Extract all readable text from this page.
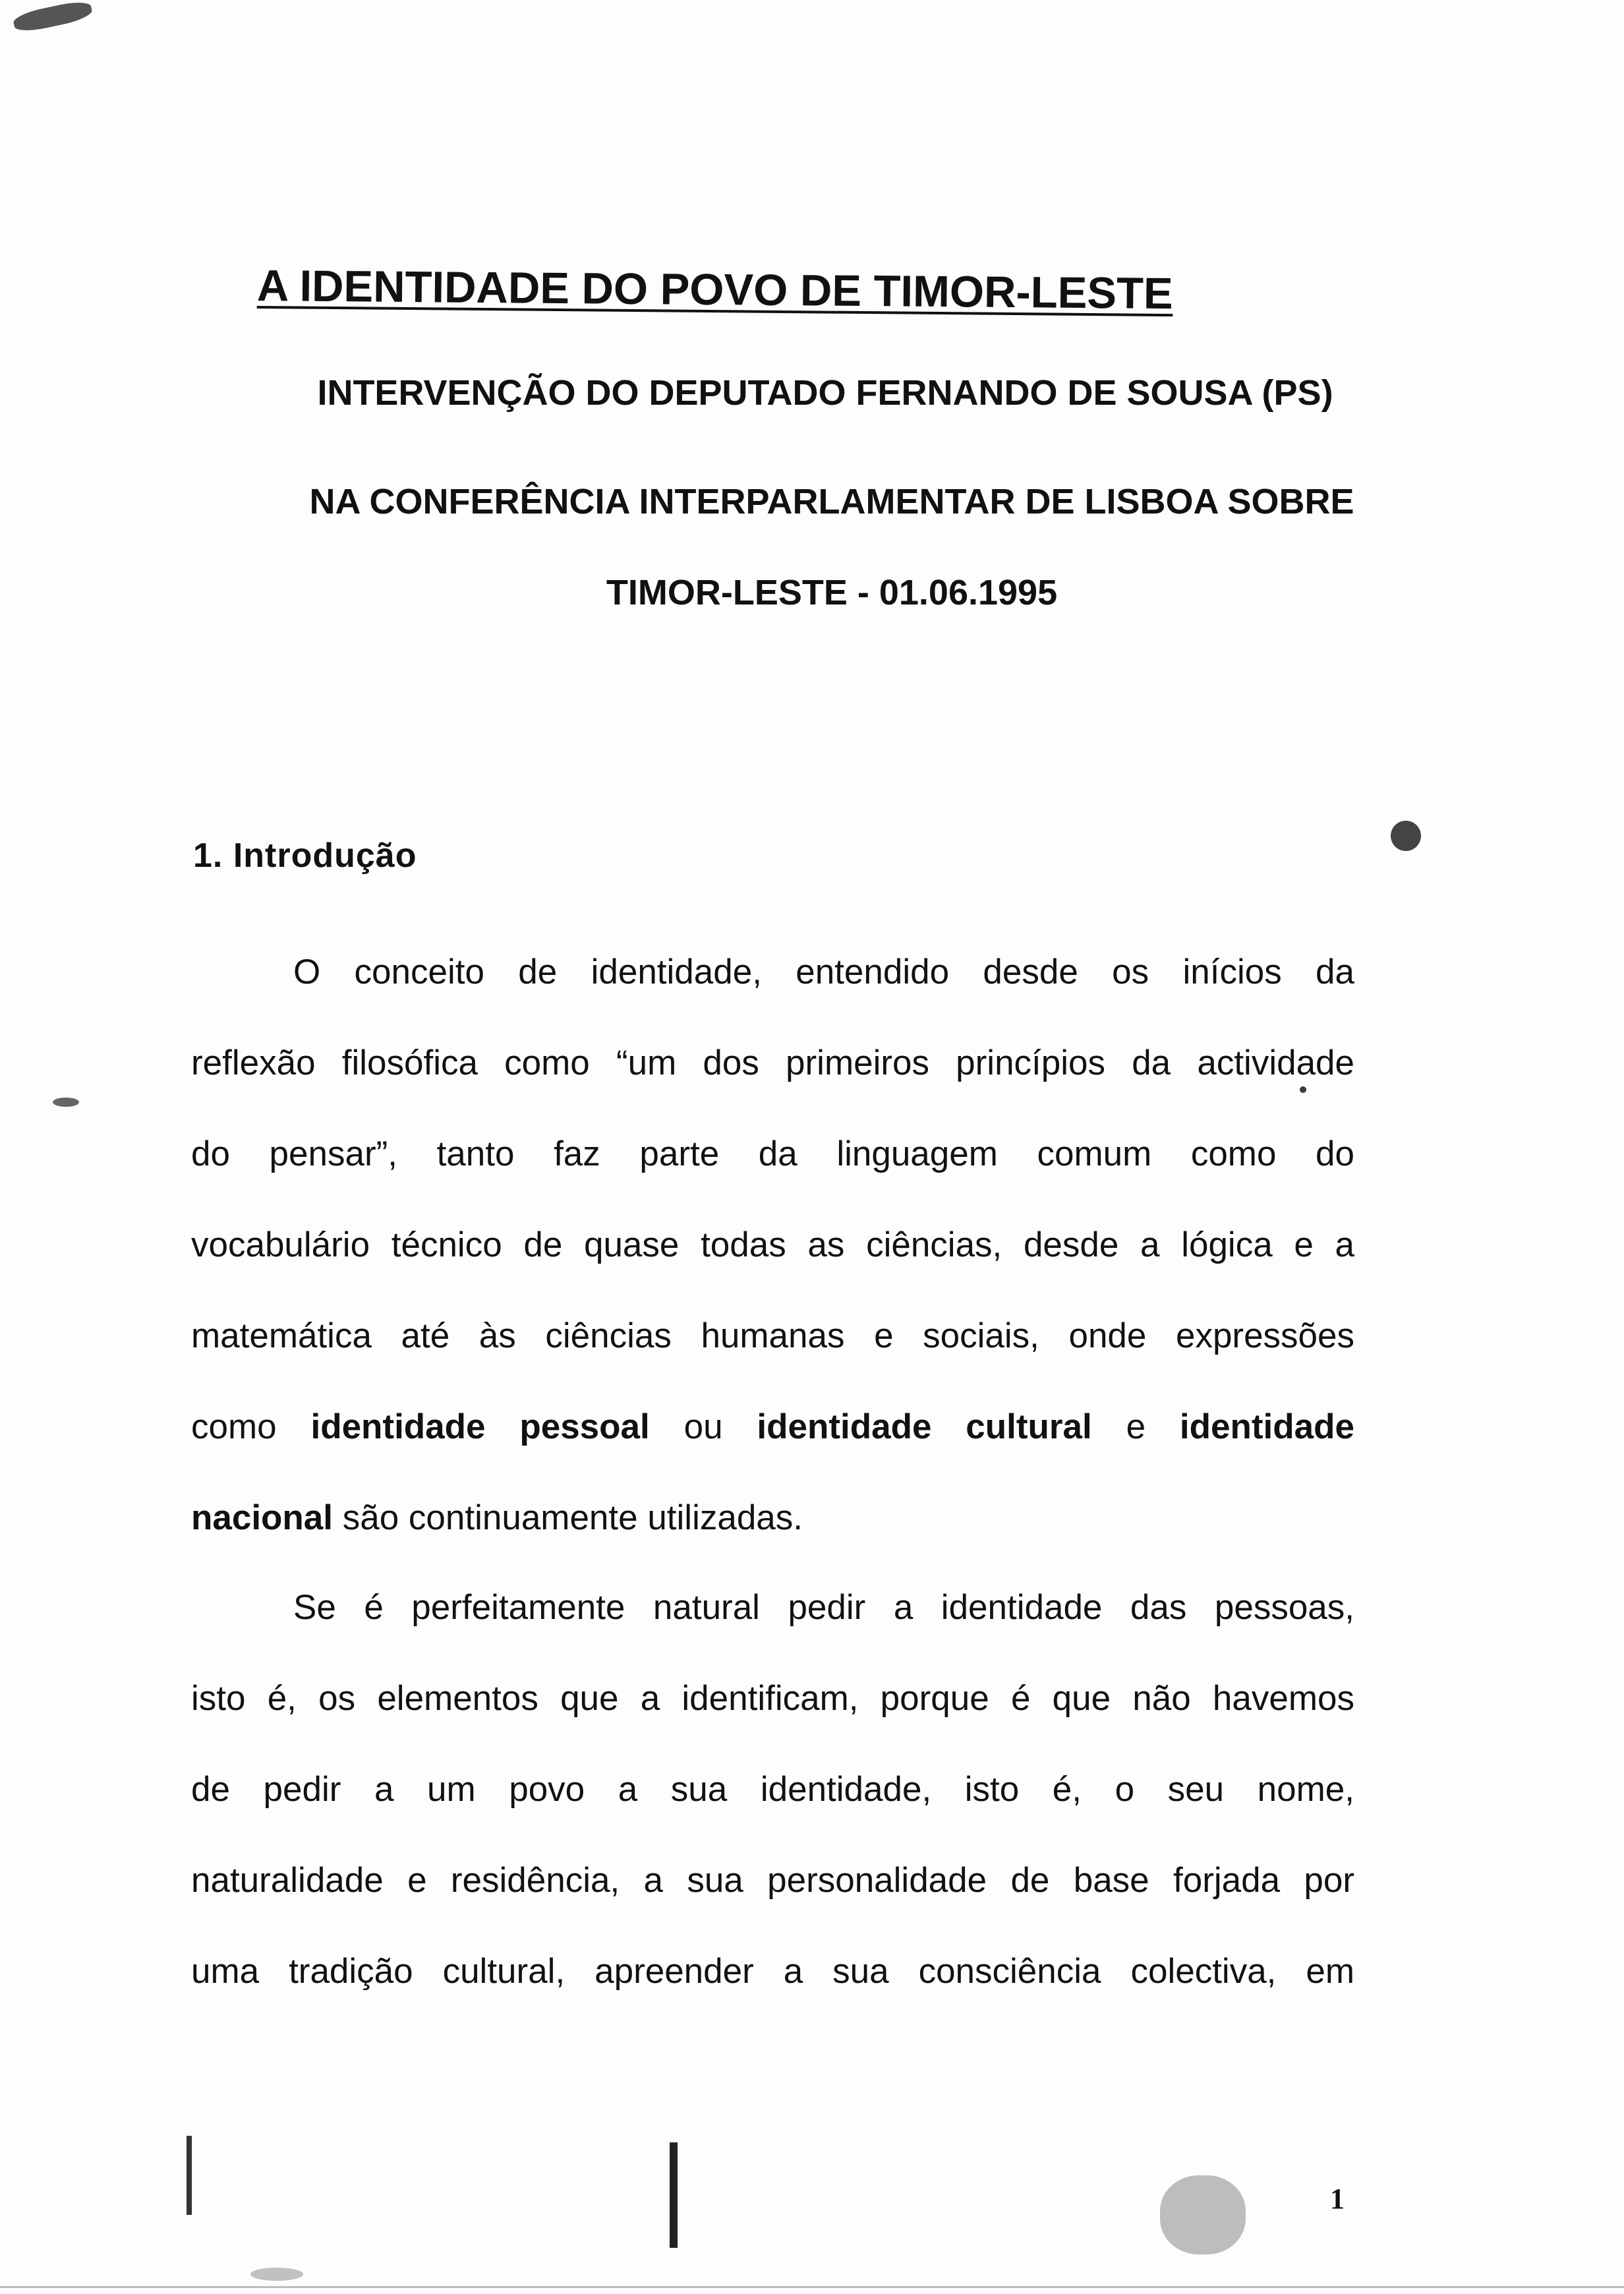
A IDENTIDADE DO POVO DE TIMOR-LESTE
INTERVENÇÃO DO DEPUTADO FERNANDO DE SOUSA (PS)
NA CONFERÊNCIA INTERPARLAMENTAR DE LISBOA SOBRE
TIMOR-LESTE - 01.06.1995
1. Introdução
O conceito de identidade, entendido desde os inícios da
reflexão filosófica como “um dos primeiros princípios da actividade
do pensar”, tanto faz parte da linguagem comum como do
vocabulário técnico de quase todas as ciências, desde a lógica e a
matemática até às ciências humanas e sociais, onde expressões
como identidade pessoal ou identidade cultural e identidade
nacional são continuamente utilizadas.
Se é perfeitamente natural pedir a identidade das pessoas,
isto é, os elementos que a identificam, porque é que não havemos
de pedir a um povo a sua identidade, isto é, o seu nome,
naturalidade e residência, a sua personalidade de base forjada por
uma tradição cultural, apreender a sua consciência colectiva, em
1
